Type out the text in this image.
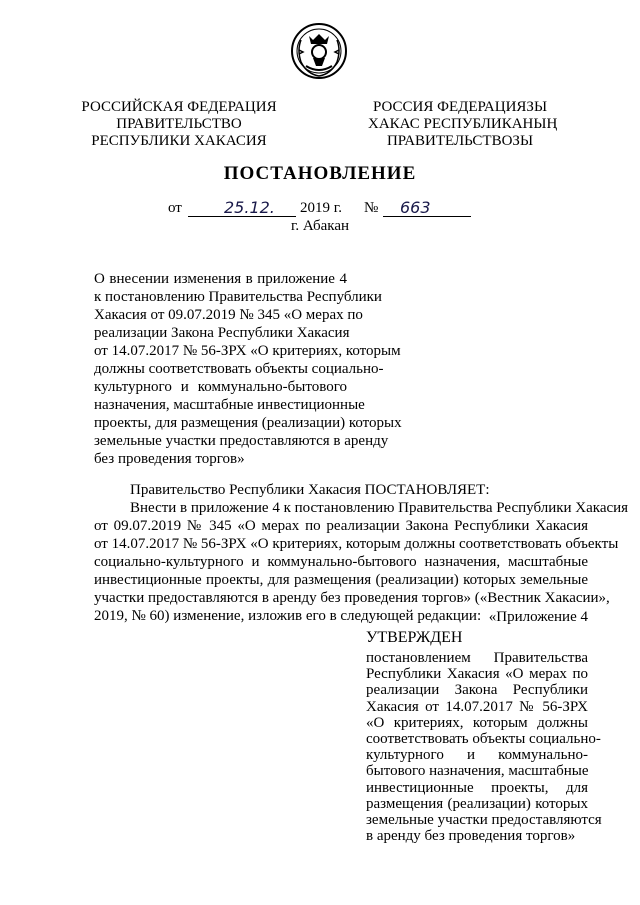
РОССИЙСКАЯ ФЕДЕРАЦИЯ
ПРАВИТЕЛЬСТВО
РЕСПУБЛИКИ ХАКАСИЯ
РОССИЯ ФЕДЕРАЦИЯЗЫ
ХАКАС РЕСПУБЛИКАНЫҢ
ПРАВИТЕЛЬСТВОЗЫ
ПОСТАНОВЛЕНИЕ
от	25.12. 2019 г. № 663
г. Абакан
О внесении изменения в приложение 4
к постановлению Правительства Республики
Хакасия от 09.07.2019 № 345 «О мерах по
реализации Закона Республики Хакасия
от 14.07.2017 № 56-ЗРХ «О критериях, которым
должны соответствовать объекты социально-
культурного и коммунально-бытового
назначения, масштабные инвестиционные
проекты, для размещения (реализации) которых
земельные участки предоставляются в аренду
без проведения торгов»
Правительство Республики Хакасия ПОСТАНОВЛЯЕТ:
Внести в приложение 4 к постановлению Правительства Республики Хакасия
от 09.07.2019 № 345 «О мерах по реализации Закона Республики Хакасия
от 14.07.2017 № 56-ЗРХ «О критериях, которым должны соответствовать объекты
социально-культурного и коммунально-бытового назначения, масштабные
инвестиционные проекты, для размещения (реализации) которых земельные
участки предоставляются в аренду без проведения торгов» («Вестник Хакасии»,
2019, № 60) изменение, изложив его в следующей редакции: «Приложение 4
УТВЕРЖДЕН
постановлением Правительства
Республики Хакасия «О мерах по
реализации Закона Республики
Хакасия от 14.07.2017 № 56-ЗРХ
«О критериях, которым должны
соответствовать объекты социально-
культурного и коммунально-
бытового назначения, масштабные
инвестиционные проекты, для
размещения (реализации) которых
земельные участки предоставляются
в аренду без проведения торгов»
